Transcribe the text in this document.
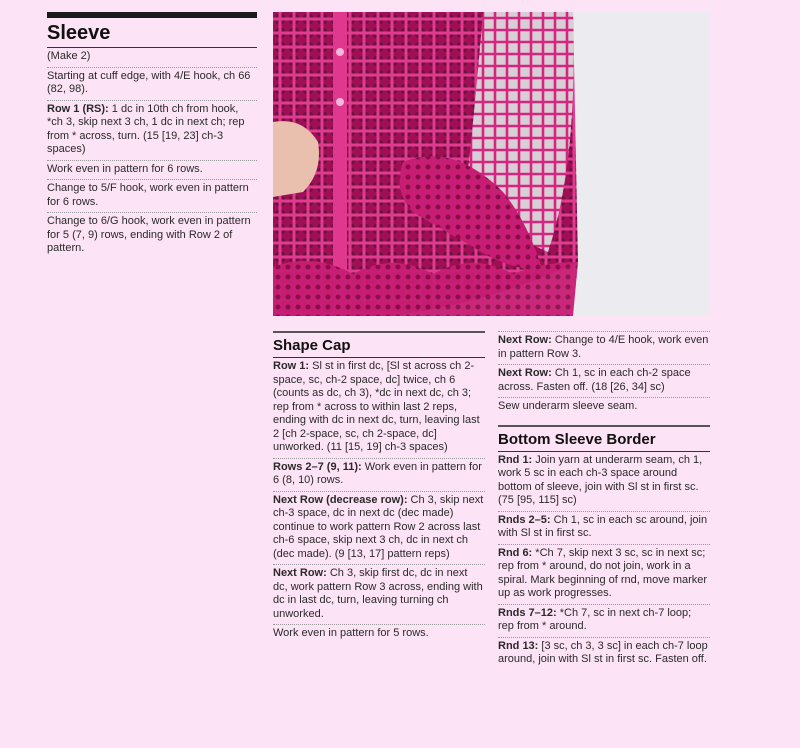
Sleeve

(Make 2)

Starting at cuff edge, with 4/E hook, ch 66 (82, 98).

Row 1 (RS): 1 dc in 10th ch from hook, *ch 3, skip next 3 ch, 1 dc in next ch; rep from * across, turn. (15 [19, 23] ch-3 spaces)

Work even in pattern for 6 rows.

Change to 5/F hook, work even in pattern for 6 rows.

Change to 6/G hook, work even in pattern for 5 (7, 9) rows, ending with Row 2 of pattern.

Shape Cap

Row 1: Sl st in first dc, [Sl st across ch 2-space, sc, ch-2 space, dc] twice, ch 6 (counts as dc, ch 3), *dc in next dc, ch 3; rep from * across to within last 2 reps, ending with dc in next dc, turn, leaving last 2 [ch 2-space, sc, ch 2-space, dc] unworked. (11 [15, 19] ch-3 spaces)

Rows 2–7 (9, 11): Work even in pattern for 6 (8, 10) rows.

Next Row (decrease row): Ch 3, skip next ch-3 space, dc in next dc (dec made) continue to work pattern Row 2 across last ch-6 space, skip next 3 ch, dc in next ch (dec made). (9 [13, 17] pattern reps)

Next Row: Ch 3, skip first dc, dc in next dc, work pattern Row 3 across, ending with dc in last dc, turn, leaving turning ch unworked.

Work even in pattern for 5 rows.

Next Row: Change to 4/E hook, work even in pattern Row 3.

Next Row: Ch 1, sc in each ch-2 space across. Fasten off. (18 [26, 34] sc)

Sew underarm sleeve seam.

Bottom Sleeve Border

Rnd 1: Join yarn at underarm seam, ch 1, work 5 sc in each ch-3 space around bottom of sleeve, join with Sl st in first sc. (75 [95, 115] sc)

Rnds 2–5: Ch 1, sc in each sc around, join with Sl st in first sc.

Rnd 6: *Ch 7, skip next 3 sc, sc in next sc; rep from * around, do not join, work in a spiral. Mark beginning of rnd, move marker up as work progresses.

Rnds 7–12: *Ch 7, sc in next ch-7 loop; rep from * around.

Rnd 13: [3 sc, ch 3, 3 sc] in each ch-7 loop around, join with Sl st in first sc. Fasten off.
